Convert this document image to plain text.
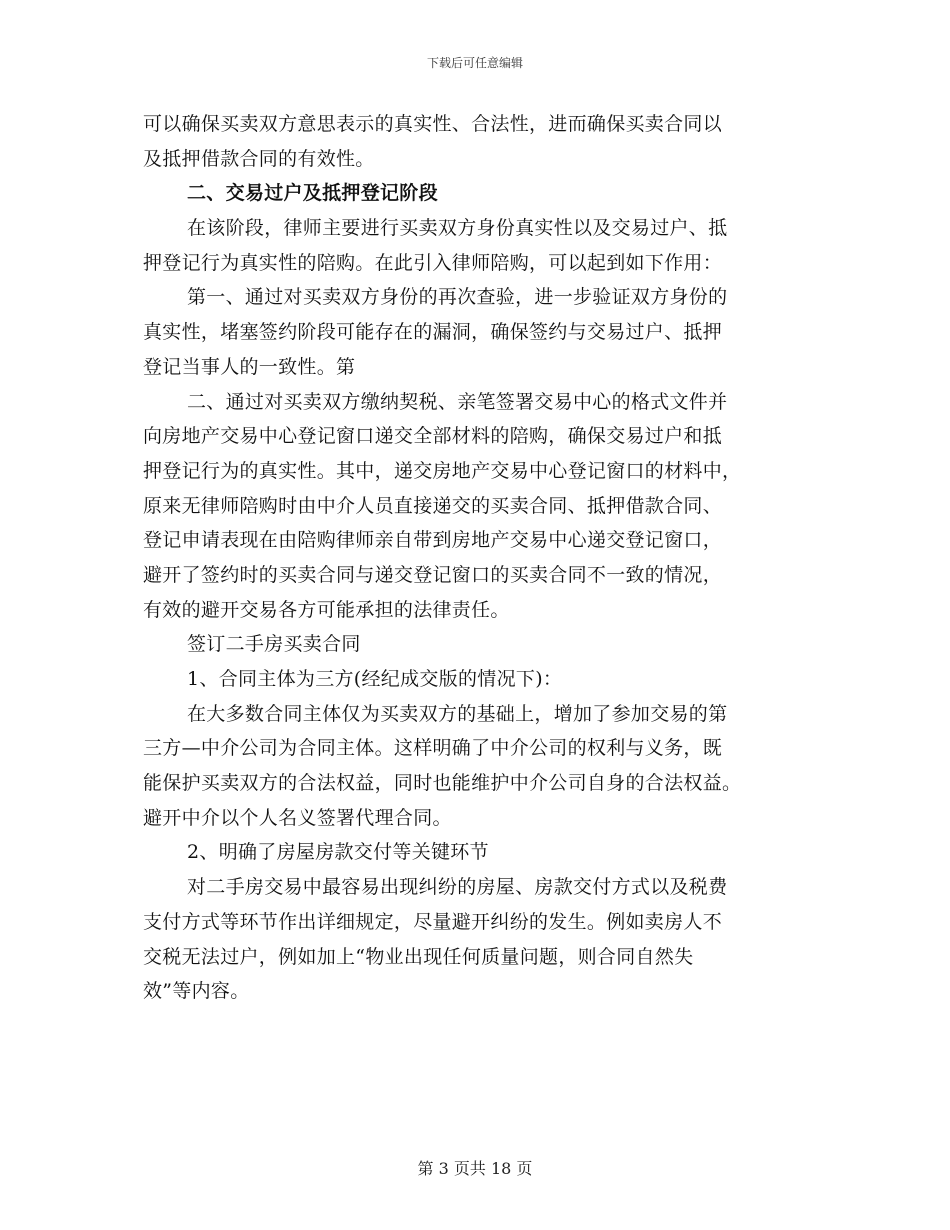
下载后可任意编辑
可以确保买卖双方意思表示的真实性、合法性，进而确保买卖合同以
及抵押借款合同的有效性。
二、交易过户及抵押登记阶段
在该阶段，律师主要进行买卖双方身份真实性以及交易过户、抵
押登记行为真实性的陪购。在此引入律师陪购，可以起到如下作用：
第一、通过对买卖双方身份的再次查验，进一步验证双方身份的
真实性，堵塞签约阶段可能存在的漏洞，确保签约与交易过户、抵押
登记当事人的一致性。第
二、通过对买卖双方缴纳契税、亲笔签署交易中心的格式文件并
向房地产交易中心登记窗口递交全部材料的陪购，确保交易过户和抵
押登记行为的真实性。其中，递交房地产交易中心登记窗口的材料中，
原来无律师陪购时由中介人员直接递交的买卖合同、抵押借款合同、
登记申请表现在由陪购律师亲自带到房地产交易中心递交登记窗口，
避开了签约时的买卖合同与递交登记窗口的买卖合同不一致的情况，
有效的避开交易各方可能承担的法律责任。
签订二手房买卖合同
1、合同主体为三方(经纪成交版的情况下)：
在大多数合同主体仅为买卖双方的基础上，增加了参加交易的第
三方—中介公司为合同主体。这样明确了中介公司的权利与义务，既
能保护买卖双方的合法权益，同时也能维护中介公司自身的合法权益。
避开中介以个人名义签署代理合同。
2、明确了房屋房款交付等关键环节
对二手房交易中最容易出现纠纷的房屋、房款交付方式以及税费
支付方式等环节作出详细规定，尽量避开纠纷的发生。例如卖房人不
交税无法过户，例如加上“物业出现任何质量问题，则合同自然失
效”等内容。
第 3 页共 18 页
